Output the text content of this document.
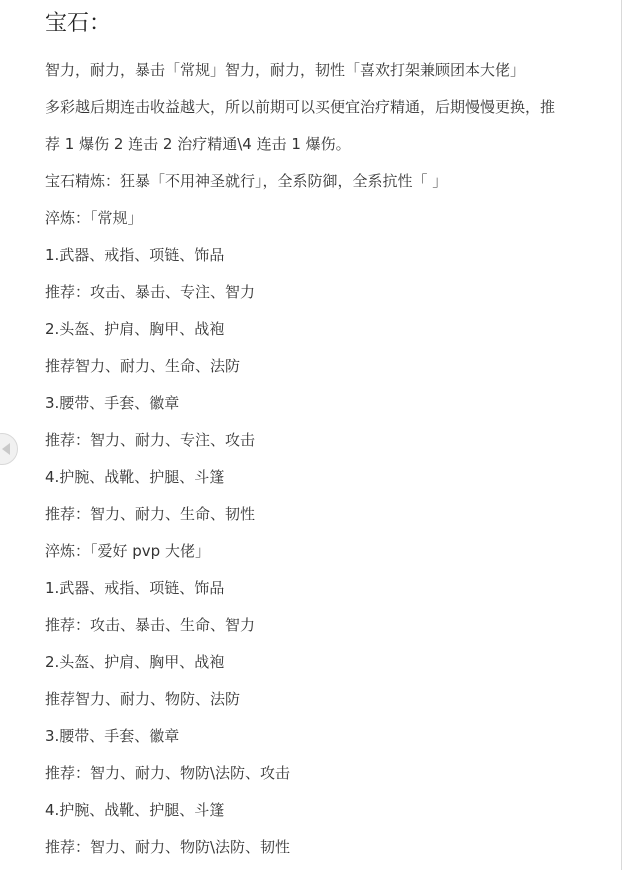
宝石：
智力，耐力，暴击「常规」智力，耐力，韧性「喜欢打架兼顾团本大佬」
多彩越后期连击收益越大，所以前期可以买便宜治疗精通，后期慢慢更换，推
荐 1 爆伤 2 连击 2 治疗精通\4 连击 1 爆伤。
宝石精炼：狂暴「不用神圣就行」，全系防御，全系抗性「 」
淬炼：「常规」
1.武器、戒指、项链、饰品
推荐：攻击、暴击、专注、智力
2.头盔、护肩、胸甲、战袍
推荐智力、耐力、生命、法防
3.腰带、手套、徽章
推荐：智力、耐力、专注、攻击
4.护腕、战靴、护腿、斗篷
推荐：智力、耐力、生命、韧性
淬炼：「爱好 pvp 大佬」
1.武器、戒指、项链、饰品
推荐：攻击、暴击、生命、智力
2.头盔、护肩、胸甲、战袍
推荐智力、耐力、物防、法防
3.腰带、手套、徽章
推荐：智力、耐力、物防\法防、攻击
4.护腕、战靴、护腿、斗篷
推荐：智力、耐力、物防\法防、韧性
